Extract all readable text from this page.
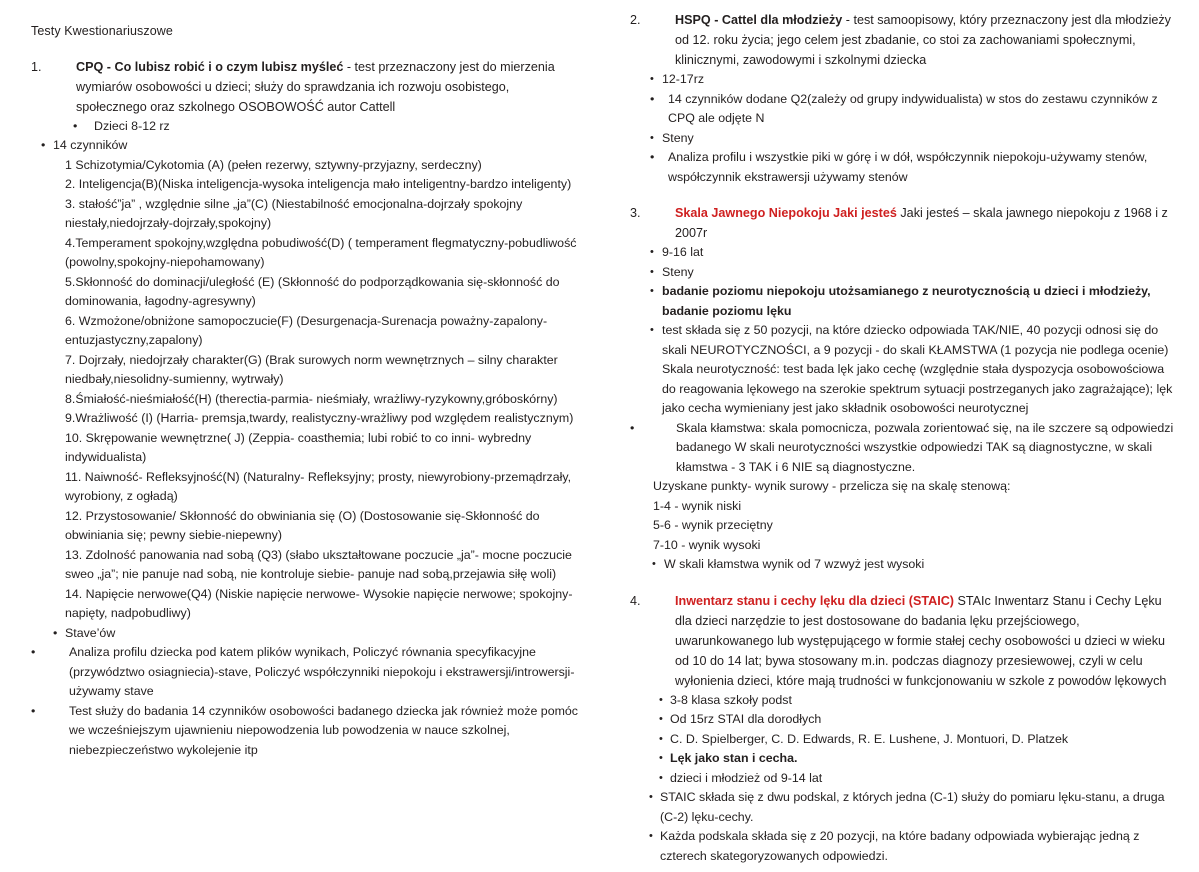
Testy Kwestionariuszowe

1.	CPQ - Co lubisz robić i o czym lubisz myśleć - test przeznaczony jest do mierzenia wymiarów osobowości u dzieci; służy do sprawdzania ich rozwoju osobistego, społecznego oraz szkolnego OSOBOWOŚĆ autor Cattell

• Dzieci 8-12 rz
• 14 czynników
1 Schizotymia/Cykotomia (A) (pełen rezerwy, sztywny-przyjazny, serdeczny)
2. Inteligencja(B)(Niska inteligencja-wysoka inteligencja mało inteligentny-bardzo inteligenty)
3. stałość”ja” , względnie silne „ja”(C) (Niestabilność emocjonalna-dojrzały spokojny niestały,niedojrzały-dojrzały,spokojny)
4.Temperament spokojny,względna pobudiwość(D) ( temperament flegmatyczny-pobudliwość (powolny,spokojny-niepohamowany)
5.Skłonność do dominacji/uległość (E) (Skłonność do podporządkowania się-skłonność do dominowania, łagodny-agresywny)
6. Wzmożone/obniżone samopoczucie(F) (Desurgenacja-Surenacja poważny-zapalony-entuzjastyczny,zapalony)
7. Dojrzały, niedojrzały charakter(G) (Brak surowych norm wewnętrznych – silny charakter niedbały,niesolidny-sumienny, wytrwały)
8.Śmiałość-nieśmiałość(H) (therectia-parmia- nieśmiały, wrażliwy-ryzykowny,gróboskórny)
9.Wrażliwość (I) (Harria- premsja,twardy, realistyczny-wrażliwy pod względem realistycznym)
10. Skrępowanie wewnętrzne( J) (Zeppia- coasthemia; lubi robić to co inni- wybredny indywidualista)
11. Naiwność- Refleksyjność(N) (Naturalny- Refleksyjny; prosty, niewyrobiony-przemądrzały, wyrobiony, z ogładą)
12. Przystosowanie/ Skłonność do obwiniania się (O) (Dostosowanie się-Skłonność do obwiniania się; pewny siebie-niepewny)
13. Zdolność panowania nad sobą (Q3) (słabo ukształtowane poczucie „ja”- mocne poczucie sweo „ja”; nie panuje nad sobą, nie kontroluje siebie- panuje nad sobą,przejawia siłę woli)
14. Napięcie nerwowe(Q4) (Niskie napięcie nerwowe- Wysokie napięcie nerwowe; spokojny- napięty, nadpobudliwy)
• Stave’ów
•	Analiza profilu dziecka pod katem plików wynikach, Policzyć równania specyfikacyjne (przywództwo osiagniecia)-stave, Policzyć współczynniki niepokoju i ekstrawersji/introwersji- używamy stave
•	Test służy do badania 14 czynników osobowości badanego dziecka jak również może pomóc we wcześniejszym ujawnieniu niepowodzenia lub powodzenia w nauce szkolnej, niebezpieczeństwo wykolejenie itp

2.	HSPQ - Cattel dla młodzieży - test samoopisowy, który przeznaczony jest dla młodzieży od 12. roku życia; jego celem jest zbadanie, co stoi za zachowaniami społecznymi, klinicznymi, zawodowymi i szkolnymi dziecka

• 12-17rz
• 14 czynników dodane Q2(zależy od grupy indywidualista) w stos do zestawu czynników z CPQ ale odjęte N
• Steny
• Analiza profilu i wszystkie piki w górę i w dół, współczynnik niepokoju-używamy stenów, współczynnik ekstrawersji używamy stenów

3.	Skala Jawnego Niepokoju Jaki jesteś Jaki jesteś – skala jawnego niepokoju z 1968 i z 2007r

• 9-16 lat
• Steny
• badanie poziomu niepokoju utożsamianego z neurotycznością u dzieci i młodzieży, badanie poziomu lęku
• test składa się z 50 pozycji, na które dziecko odpowiada TAK/NIE, 40 pozycji odnosi się do skali NEUROTYCZNOŚCI, a 9 pozycji - do skali KŁAMSTWA (1 pozycja nie podlega ocenie) Skala neurotyczność: test bada lęk jako cechę (względnie stała dyspozycja osobowościowa do reagowania lękowego na szerokie spektrum sytuacji postrzeganych jako zagrażające); lęk jako cecha wymieniany jest jako składnik osobowości neurotycznej
•	Skala kłamstwa: skala pomocnicza, pozwala zorientować się, na ile szczere są odpowiedzi badanego W skali neurotyczności wszystkie odpowiedzi TAK są diagnostyczne, w skali kłamstwa - 3 TAK i 6 NIE są diagnostyczne.
Uzyskane punkty- wynik surowy - przelicza się na skalę stenową:
1-4 - wynik niski
5-6 - wynik przeciętny
7-10 - wynik wysoki
• W skali kłamstwa wynik od 7 wzwyż jest wysoki

4.	Inwentarz stanu i cechy lęku dla dzieci (STAIC) STAIc Inwentarz Stanu i Cechy Lęku dla dzieci narzędzie to jest dostosowane do badania lęku przejściowego, uwarunkowanego lub występującego w formie stałej cechy osobowości u dzieci w wieku od 10 do 14 lat; bywa stosowany m.in. podczas diagnozy przesiewowej, czyli w celu wyłonienia dzieci, które mają trudności w funkcjonowaniu w szkole z powodów lękowych

• 3-8 klasa szkoły podst
• Od 15rz STAI dla dorodłych
• C. D. Spielberger, C. D. Edwards, R. E. Lushene, J. Montuori, D. Platzek
• Lęk jako stan i cecha.
• dzieci i młodzież od 9-14 lat
• STAIC składa się z dwu podskal, z których jedna (C-1) służy do pomiaru lęku-stanu, a druga (C-2) lęku-cechy.
• Każda podskala składa się z 20 pozycji, na które badany odpowiada wybierając jedną z czterech skategoryzowanych odpowiedzi.
